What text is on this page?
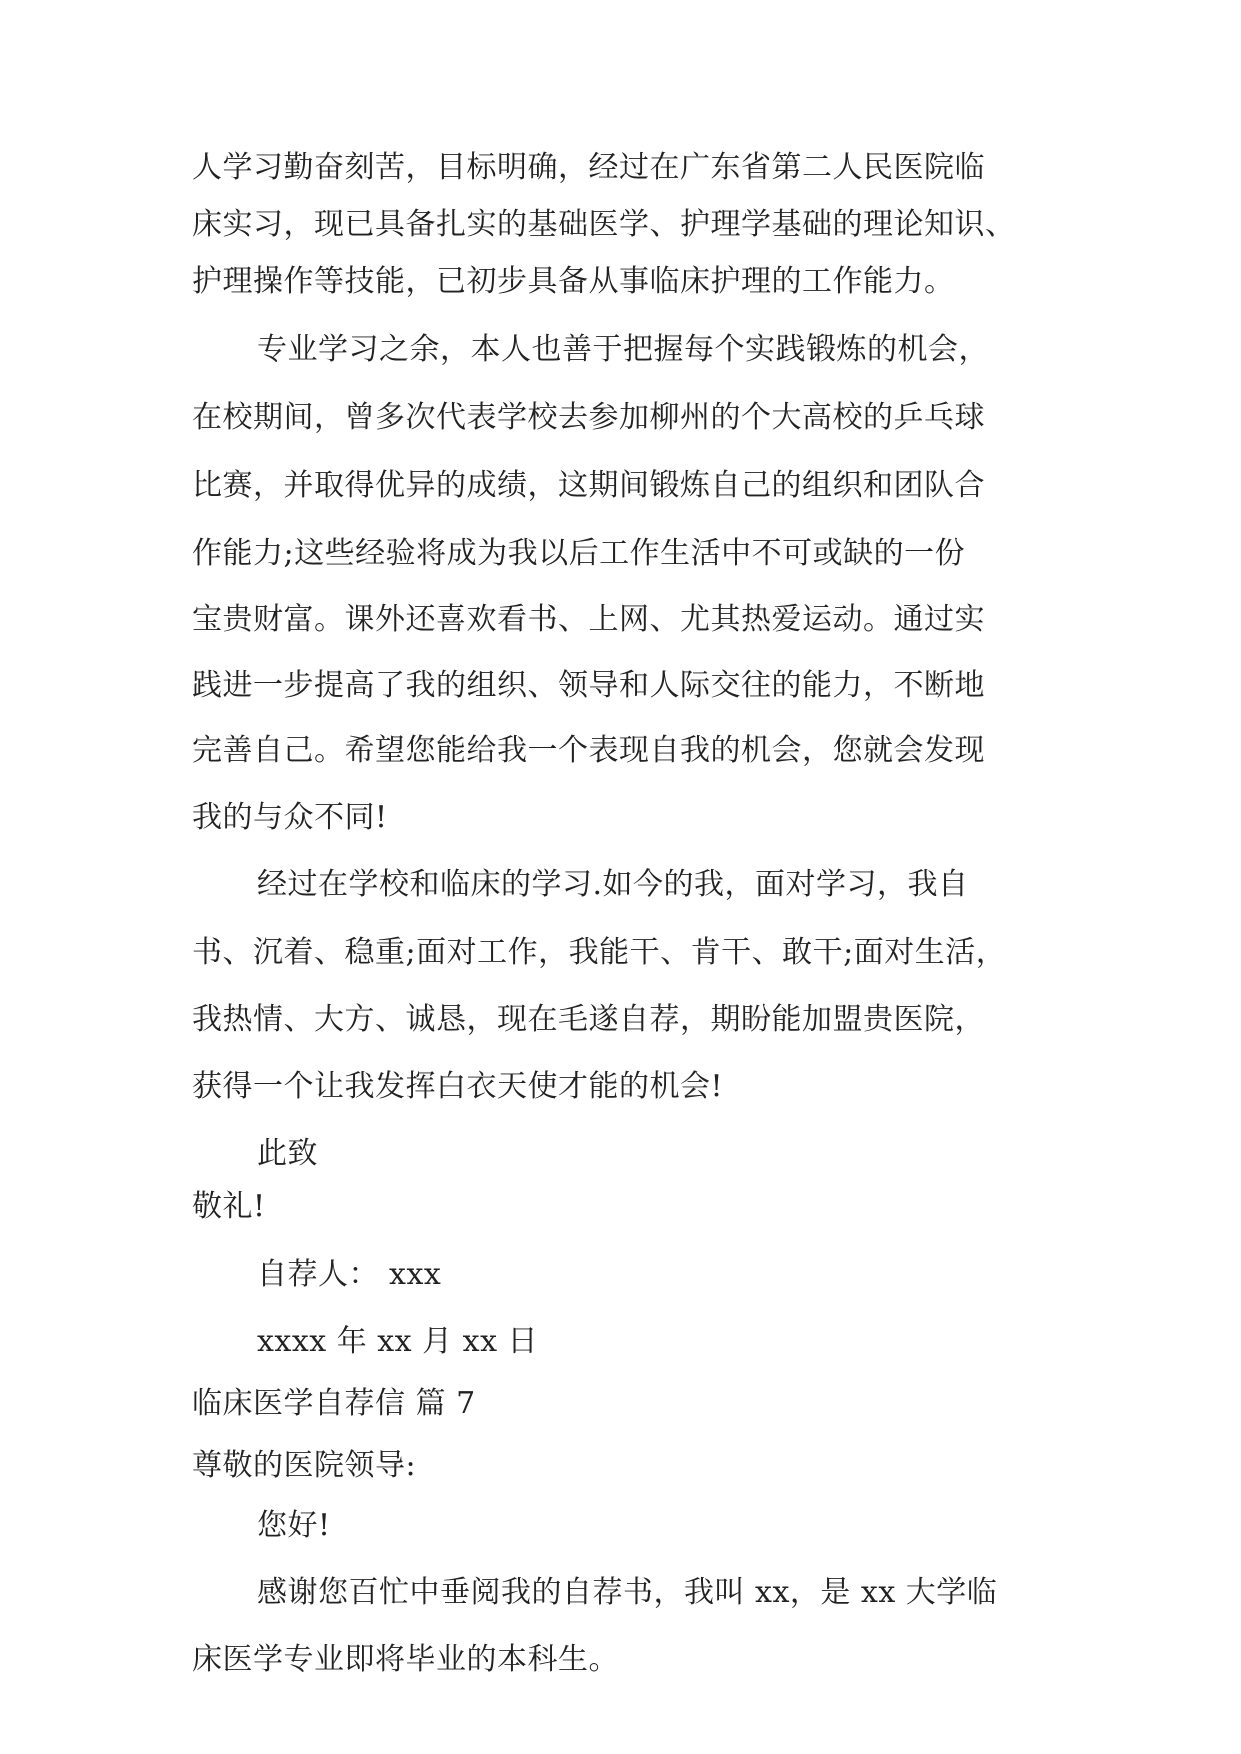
人学习勤奋刻苦，目标明确，经过在广东省第二人民医院临
床实习，现已具备扎实的基础医学、护理学基础的理论知识、
护理操作等技能，已初步具备从事临床护理的工作能力。
专业学习之余，本人也善于把握每个实践锻炼的机会，
在校期间，曾多次代表学校去参加柳州的个大高校的乒乓球
比赛，并取得优异的成绩，这期间锻炼自己的组织和团队合
作能力;这些经验将成为我以后工作生活中不可或缺的一份
宝贵财富。课外还喜欢看书、上网、尤其热爱运动。通过实
践进一步提高了我的组织、领导和人际交往的能力，不断地
完善自己。希望您能给我一个表现自我的机会，您就会发现
我的与众不同!
经过在学校和临床的学习.如今的我，面对学习，我自
书、沉着、稳重;面对工作，我能干、肯干、敢干;面对生活，
我热情、大方、诚恳，现在毛遂自荐，期盼能加盟贵医院，
获得一个让我发挥白衣天使才能的机会!
此致
敬礼!
自荐人： xxx
xxxx 年 xx 月 xx 日
临床医学自荐信 篇 7
尊敬的医院领导:
您好!
感谢您百忙中垂阅我的自荐书，我叫 xx，是 xx 大学临
床医学专业即将毕业的本科生。
